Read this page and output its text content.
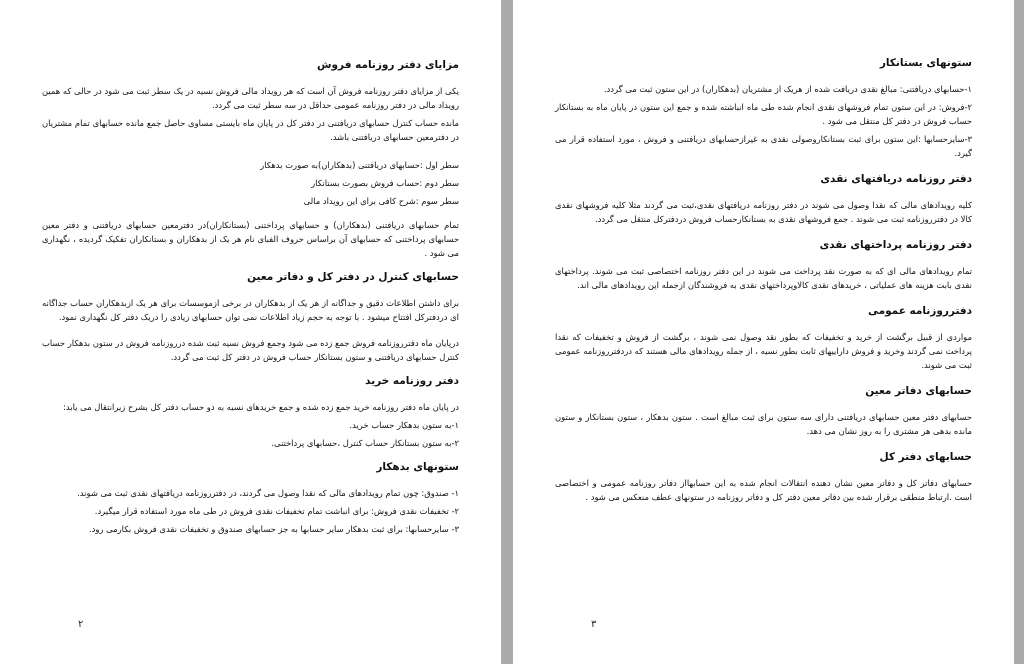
مزایای دفتر روزنامه فروش

یکی از مزایای دفتر روزنامه فروش آن است که هر رویداد مالی فروش نسیه در یک سطر ثبت می شود در حالی که همین رویداد مالی در دفتر روزنامه عمومی حداقل در سه سطر ثبت می گردد.

مانده حساب کنترل حسابهای دریافتنی در دفتر کل در پایان ماه بایستی مساوی حاصل جمع مانده حسابهای تمام مشتریان در دفترمعین حسابهای دریافتنی باشد.

سطر اول :حسابهای دریافتنی (بدهکاران)به صورت بدهکار

سطر دوم :حساب فروش بصورت بستانکار

سطر سوم :شرح کافی برای این رویداد مالی

تمام حسابهای دریافتنی (بدهکاران) و حسابهای پرداختنی (بستانکاران)در دفترمعین حسابهای دریافتنی و دفتر معین حسابهای پرداختنی که حسابهای آن براساس حروف الفبای نام هر یک از بدهکاران و بستانکاران تفکیک گردیده ، نگهداری می شود .

حسابهای کنترل در دفتر کل و دفاتر معین

برای داشتن اطلاعات دقیق و جداگانه از هر یک از بدهکاران در برخی ازموسسات برای هر یک ازبدهکاران حساب جداگانه ای دردفترکل افتتاح میشود . با توجه به حجم زیاد اطلاعات نمی توان حسابهای زیادی را دریک دفتر کل نگهداری نمود.

درپایان ماه دفترروزنامه فروش جمع زده می شود وجمع فروش نسیه ثبت شده درروزنامه فروش در ستون بدهکار حساب کنترل حسابهای دریافتنی و ستون بستانکار حساب فروش در دفتر کل ثبت می گردد.

دفتر روزنامه خرید

در پایان ماه دفتر روزنامه خرید جمع زده شده و جمع خریدهای نسیه به دو حساب دفتر کل بشرح زیرانتقال می یابد:

۱-به ستون بدهکار حساب خرید.

۲-به ستون بستانکار حساب کنترل ،حسابهای پرداختنی.

ستونهای بدهکار

۱- صندوق: چون تمام رویدادهای مالی که نقدا وصول می گردند، در دفترروزنامه دریافتهای نقدی ثبت می شوند.

۲- تخفیفات نقدی فروش: برای انباشت تمام تخفیفات نقدی فروش در طی ماه مورد استفاده قرار میگیرد.

۳- سایرحسابها: برای ثبت بدهکار سایر حسابها به جز حسابهای صندوق و تخفیفات نقدی فروش بکارمی رود.

۲
ستونهای بستانکار

۱-حسابهای دریافتنی: مبالغ نقدی دریافت شده از هریک از مشتریان (بدهکاران) در این ستون ثبت می گردد.

۲-فروش: در این ستون تمام فروشهای نقدی انجام شده طی ماه انباشته شده و جمع این ستون در پایان ماه به بستانکار حساب فروش در دفتر کل منتقل می شود .

۳-سایرحسابها :این ستون برای ثبت بستانکاروصولی نقدی به غیرازحسابهای دریافتنی و فروش ، مورد استفاده قرار می گیرد.

دفتر روزنامه دریافتهای نقدی

کلیه رویدادهای مالی که نقدا وصول می شوند در دفتر روزنامه دریافتهای نقدی،ثبت می گردند مثلا کلیه فروشهای نقدی کالا در دفترروزنامه ثبت می شوند . جمع فروشهای نقدی به بستانکارحساب فروش دردفترکل منتقل می گردد.

دفتر روزنامه پرداختهای نقدی

تمام رویدادهای مالی ای که به صورت نقد پرداخت می شوند در این دفتر روزنامه اختصاصی ثبت می شوند. پرداختهای نقدی بابت هزینه های عملیاتی ، خریدهای نقدی کالاوپرداختهای نقدی به فروشندگان ازجمله این رویدادهای مالی اند.

دفترروزنامه عمومی

مواردی از قبیل برگشت از خرید و تخفیفات که بطور نقد وصول نمی شوند ، برگشت از فروش و تخفیفات که نقدا پرداخت نمی گردند وخرید و فروش داراییهای ثابت بطور نسیه ، از جمله رویدادهای مالی هستند که دردفترروزنامه عمومی ثبت می شوند.

حسابهای دفاتر معین

حسابهای دفتر معین حسابهای دریافتنی دارای سه ستون برای ثبت مبالغ است . ستون بدهکار ، ستون بستانکار و ستون مانده بدهی هر مشتری را به روز نشان می دهد.

حسابهای دفتر کل

حسابهای دفاتر کل و دفاتر معین نشان دهنده انتقالات انجام شده به این حسابهااز دفاتر روزنامه عمومی و اختصاصی است .ارتباط منطقی برقرار شده بین دفاتر معین دفتر کل و دفاتر روزنامه در ستونهای عطف منعکس می شود .

۳
